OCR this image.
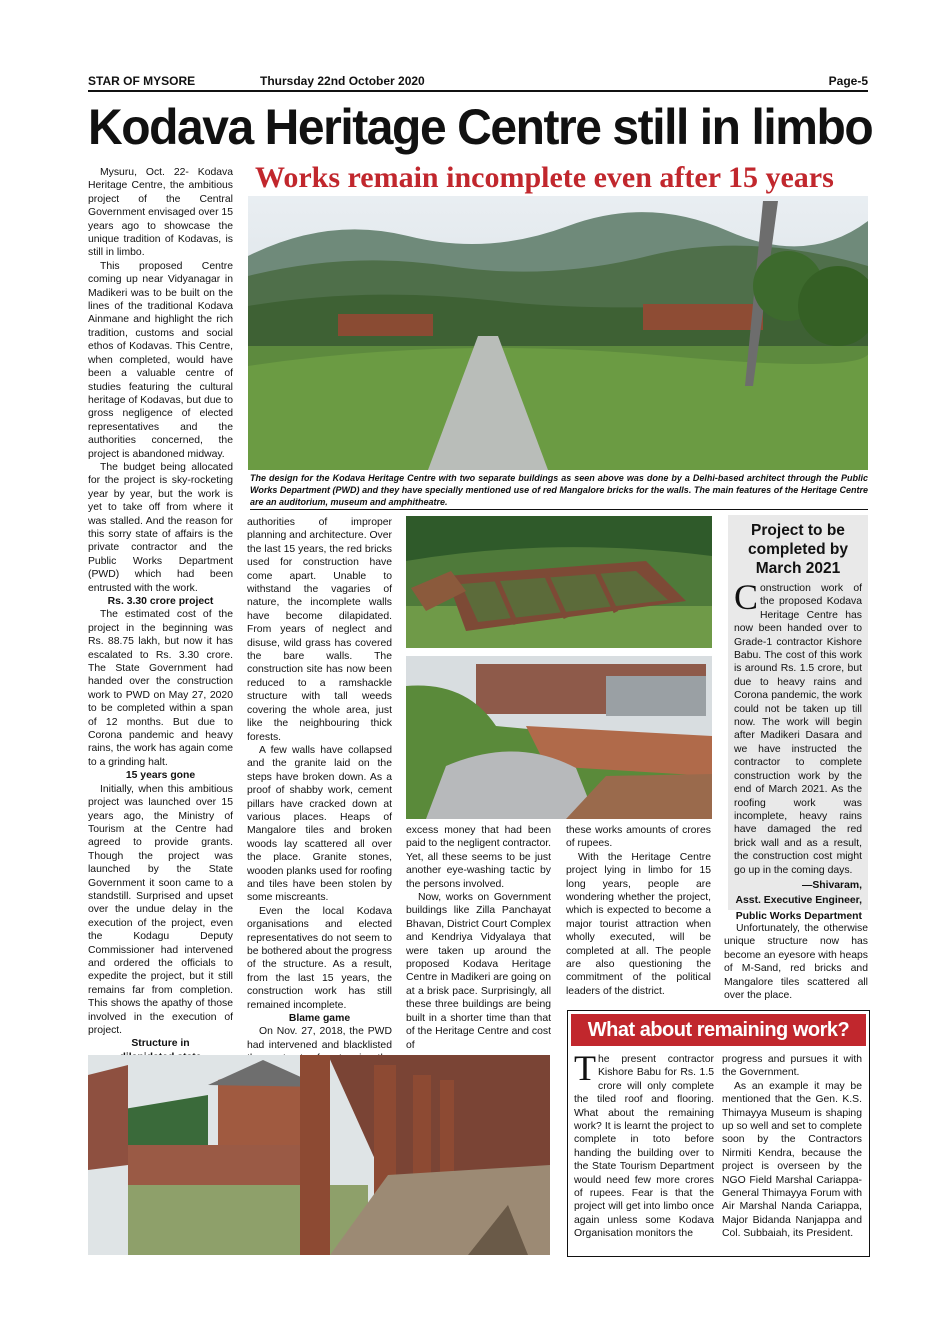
STAR OF MYSORE	Thursday 22nd October 2020	Page-5
Kodava Heritage Centre still in limbo
Works remain incomplete even after 15 years
The design for the Kodava Heritage Centre with two separate buildings as seen above was done by a Delhi-based architect through the Public Works Department (PWD) and they have specially mentioned use of red Mangalore bricks for the walls. The main features of the Heritage Centre are an auditorium, museum and amphitheatre.

Mysuru, Oct. 22- Kodava Heritage Centre, the ambitious project of the Central Government envisaged over 15 years ago to showcase the unique tradition of Kodavas, is still in limbo.

This proposed Centre coming up near Vidyanagar in Madikeri was to be built on the lines of the traditional Kodava Ainmane and highlight the rich tradition, customs and social ethos of Kodavas. This Centre, when completed, would have been a valuable centre of studies featuring the cultural heritage of Kodavas, but due to gross negligence of elected representatives and the authorities concerned, the project is abandoned midway.

The budget being allocated for the project is sky-rocketing year by year, but the work is yet to take off from where it was stalled. And the reason for this sorry state of affairs is the private contractor and the Public Works Department (PWD) which had been entrusted with the work.

Rs. 3.30 crore project

The estimated cost of the project in the beginning was Rs. 88.75 lakh, but now it has escalated to Rs. 3.30 crore. The State Government had handed over the construction work to PWD on May 27, 2020 to be completed within a span of 12 months. But due to Corona pandemic and heavy rains, the work has again come to a grinding halt.

15 years gone

Initially, when this ambitious project was launched over 15 years ago, the Ministry of Tourism at the Centre had agreed to provide grants. Though the project was launched by the State Government it soon came to a standstill. Surprised and upset over the undue delay in the execution of the project, even the Kodagu Deputy Commissioner had intervened and ordered the officials to expedite the project, but it still remains far from completion. This shows the apathy of those involved in the execution of project.

Structure in

authorities of improper planning and architecture. Over the last 15 years, the red bricks used for construction have come apart. Unable to withstand the vagaries of nature, the incomplete walls have become dilapidated. From years of neglect and disuse, wild grass has covered the bare walls. The construction site has now been reduced to a ramshackle structure with tall weeds covering the whole area, just like the neighbouring thick forests.

A few walls have collapsed and the granite laid on the steps have broken down. As a proof of shabby work, cement pillars have cracked down at various places. Heaps of Mangalore tiles and broken woods lay scattered all over the place. Granite stones, wooden planks used for roofing and tiles have been stolen by some miscreants.

Even the local Kodava organisations and elected representatives do not seem to be bothered about the progress of the structure. As a result, from the last 15 years, the construction work has still remained incomplete.

Blame game

On Nov. 27, 2018, the PWD had intervened and blacklisted

excess money that had been paid to the negligent contractor. Yet, all these seems to be just another eye-washing tactic by the persons involved.

Now, works on Government buildings like Zilla Panchayat Bhavan, District Court Complex and Kendriya Vidyalaya that were taken up around the proposed Kodava Heritage Centre in Madikeri are going on at a brisk pace. Surprisingly, all these three buildings are being built in a shorter time than that of the Heritage Centre and cost of

these works amounts of crores of rupees.

With the Heritage Centre project lying in limbo for 15 long years, people are wondering whether the project, which is expected to become a major tourist attraction when wholly executed, will be completed at all. The people are also questioning the commitment of the political leaders of the district.

Project to be completed by March 2021
Construction work of the proposed Kodava Heritage Centre has now been handed over to Grade-1 contractor Kishore Babu. The cost of this work is around Rs. 1.5 crore, but due to heavy rains and Corona pandemic, the work could not be taken up till now. The work will begin after Madikeri Dasara and we have instructed the contractor to complete construction work by the end of March 2021. As the roofing work was incomplete, heavy rains have damaged the red brick wall and as a result, the construction cost might go up in the coming days.
—Shivaram,
Asst. Executive Engineer,
Public Works Department

Unfortunately, the otherwise unique structure now has become an eyesore with heaps of M-Sand, red bricks and Mangalore tiles scattered all over the place.

What about remaining work?
The present contractor Kishore Babu for Rs. 1.5 crore will only complete the tiled roof and flooring. What about the remaining work? It is learnt the project to complete in toto before handing the building over to the State Tourism Department would need few more crores of rupees. Fear is that the project will get into limbo once again unless some Kodava Organisation monitors the

progress and pursues it with the Government.

As an example it may be mentioned that the Gen. K.S. Thimayya Museum is shaping up so well and set to complete soon by the Contractors Nirmiti Kendra, because the project is overseen by the NGO Field Marshal Cariappa-General Thimayya Forum with Air Marshal Nanda Cariappa, Major Bidanda Nanjappa and Col. Subbaiah, its President.
